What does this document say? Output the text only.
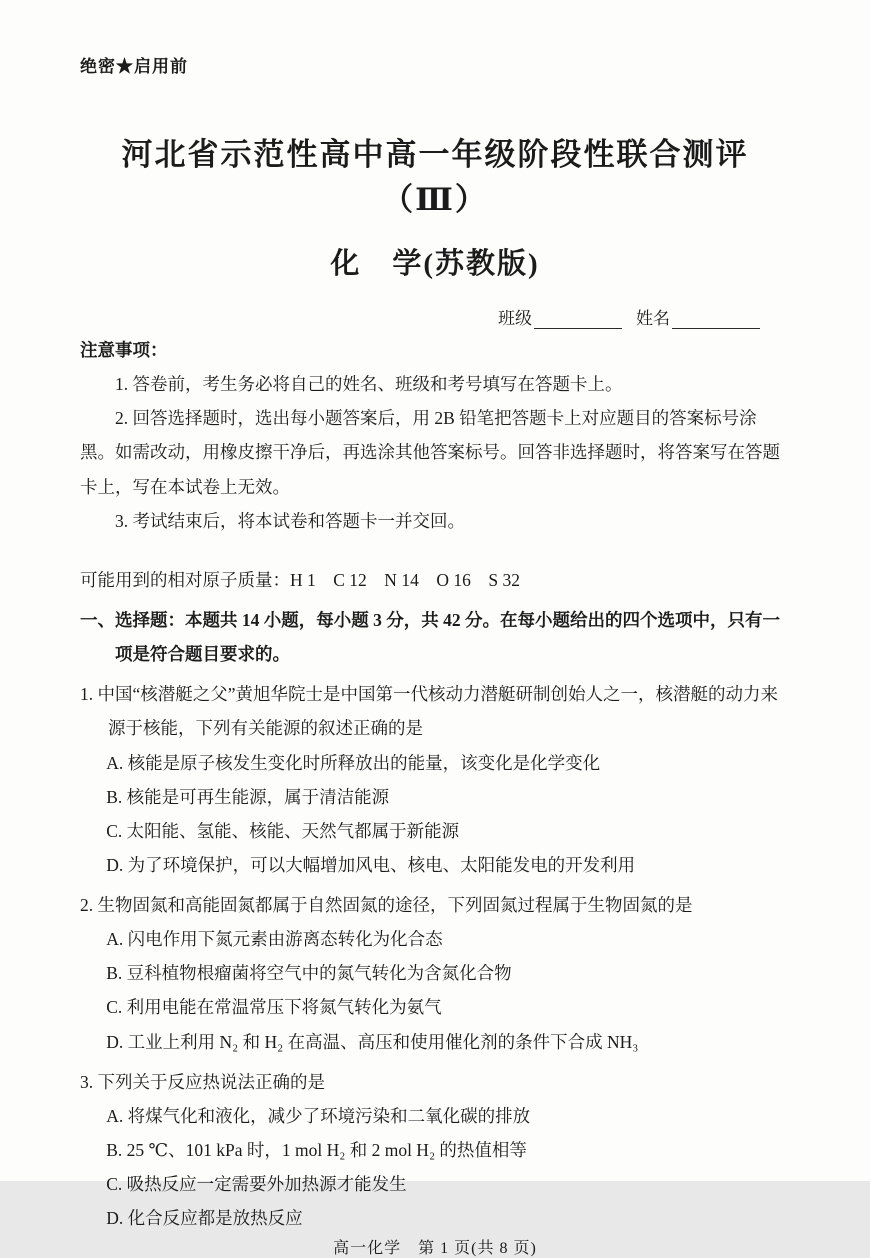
绝密★启用前
河北省示范性高中高一年级阶段性联合测评（Ⅲ）
化　学(苏教版)
班级	姓名
注意事项：
1. 答卷前，考生务必将自己的姓名、班级和考号填写在答题卡上。
2. 回答选择题时，选出每小题答案后，用 2B 铅笔把答题卡上对应题目的答案标号涂黑。如需改动，用橡皮擦干净后，再选涂其他答案标号。回答非选择题时，将答案写在答题卡上，写在本试卷上无效。
3. 考试结束后，将本试卷和答题卡一并交回。
可能用到的相对原子质量：H 1　C 12　N 14　O 16　S 32
一、选择题：本题共 14 小题，每小题 3 分，共 42 分。在每小题给出的四个选项中，只有一项是符合题目要求的。
1. 中国“核潜艇之父”黄旭华院士是中国第一代核动力潜艇研制创始人之一，核潜艇的动力来源于核能，下列有关能源的叙述正确的是
A. 核能是原子核发生变化时所释放出的能量，该变化是化学变化
B. 核能是可再生能源，属于清洁能源
C. 太阳能、氢能、核能、天然气都属于新能源
D. 为了环境保护，可以大幅增加风电、核电、太阳能发电的开发利用
2. 生物固氮和高能固氮都属于自然固氮的途径，下列固氮过程属于生物固氮的是
A. 闪电作用下氮元素由游离态转化为化合态
B. 豆科植物根瘤菌将空气中的氮气转化为含氮化合物
C. 利用电能在常温常压下将氮气转化为氨气
D. 工业上利用 N₂ 和 H₂ 在高温、高压和使用催化剂的条件下合成 NH₃
3. 下列关于反应热说法正确的是
A. 将煤气化和液化，减少了环境污染和二氧化碳的排放
B. 25 ℃、101 kPa 时，1 mol H₂ 和 2 mol H₂ 的热值相等
C. 吸热反应一定需要外加热源才能发生
D. 化合反应都是放热反应
高一化学　第 1 页(共 8 页)
